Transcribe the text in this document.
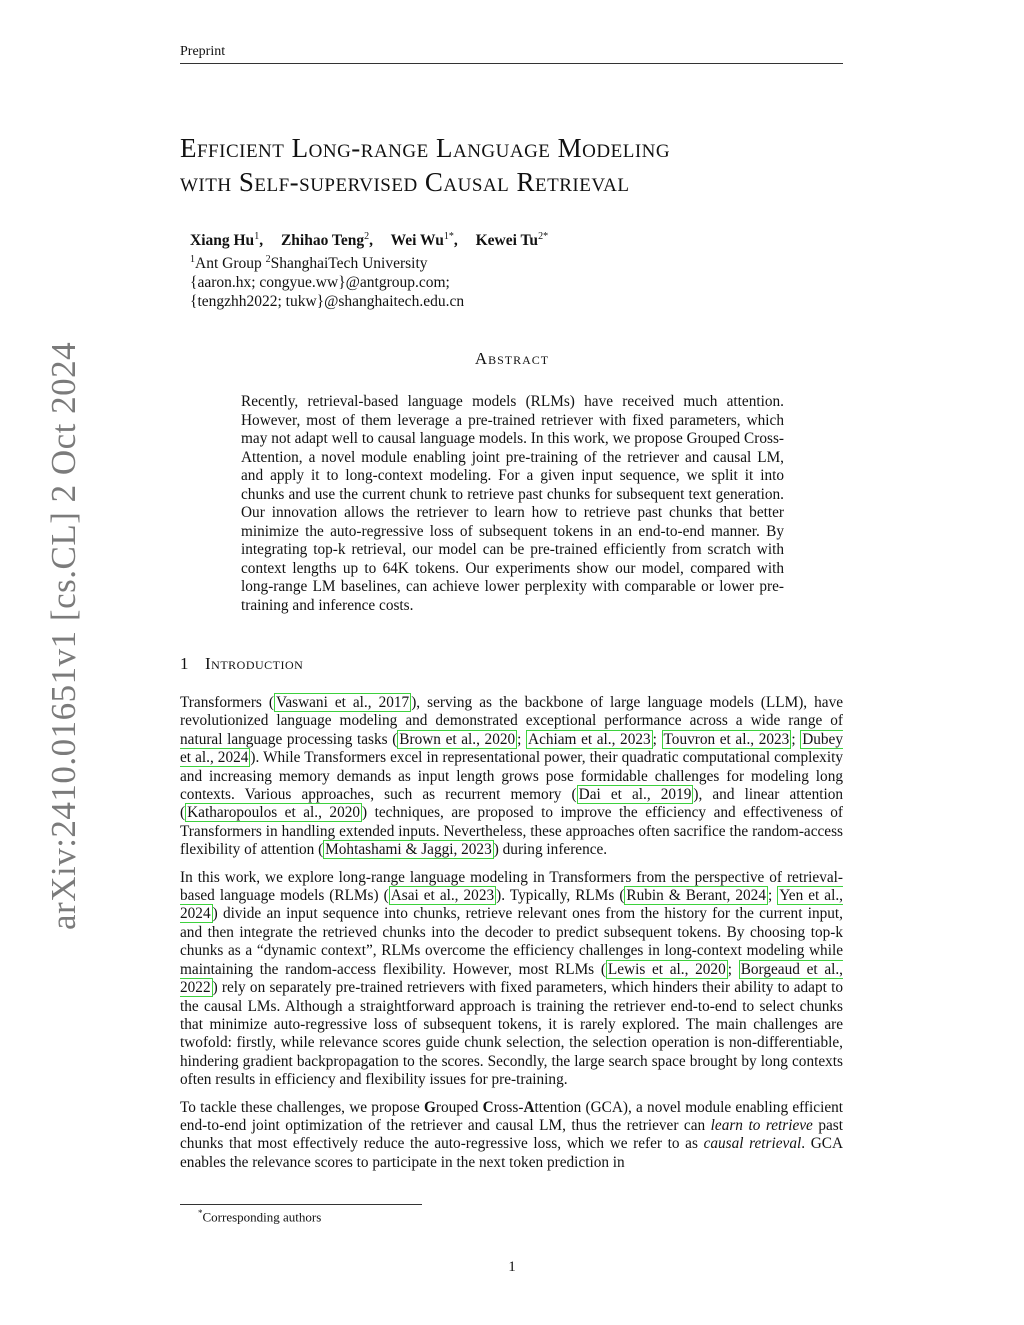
Preprint
arXiv:2410.01651v1 [cs.CL] 2 Oct 2024
Efficient Long-range Language Modeling
with Self-supervised Causal Retrieval
Xiang Hu$^1$, Zhihao Teng$^2$, Wei $Wu^{1*}$, Kewei $Tu^{2*}$
$^1$Ant Group $^2$ShanghaiTech University
{aaron.hx; congyue.ww}@antgroup.com;
{tengzhh2022; tukw}@shanghaitech.edu.cn
Abstract
Recently, retrieval-based language models (RLMs) have received much attention. However, most of them leverage a pre-trained retriever with fixed parameters, which may not adapt well to causal language models. In this work, we propose Grouped Cross-Attention, a novel module enabling joint pre-training of the retriever and causal LM, and apply it to long-context modeling. For a given input sequence, we split it into chunks and use the current chunk to retrieve past chunks for subsequent text generation. Our innovation allows the retriever to learn how to retrieve past chunks that better minimize the auto-regressive loss of subsequent tokens in an end-to-end manner. By integrating top-k retrieval, our model can be pre-trained efficiently from scratch with context lengths up to 64K tokens. Our experiments show our model, compared with long-range LM baselines, can achieve lower perplexity with comparable or lower pre-training and inference costs.
1 Introduction

Transformers ( Vaswani et al., 2017 ), serving as the backbone of large language models (LLM), have revolutionized language modeling and demonstrated exceptional performance across a wide range of natural language processing tasks ( Brown et al., 2020 ; Achiam et al., 2023 ; Touvron et al., 2023 ; Dubey et al., 2024 ). While Transformers excel in representational power, their quadratic computational complexity and increasing memory demands as input length grows pose formidable challenges for modeling long contexts. Various approaches, such as recurrent memory ( Dai et al., 2019 ), and linear attention ( Katharopoulos et al., 2020 ) techniques, are proposed to improve the efficiency and effectiveness of Transformers in handling extended inputs. Nevertheless, these approaches often sacrifice the random-access flexibility of attention ( Mohtashami & Jaggi, 2023 ) during inference.

In this work, we explore long-range language modeling in Transformers from the perspective of retrieval-based language models (RLMs) ( Asai et al., 2023 ). Typically, RLMs ( Rubin & Berant, 2024 ; Yen et al., 2024 ) divide an input sequence into chunks, retrieve relevant ones from the history for the current input, and then integrate the retrieved chunks into the decoder to predict subsequent tokens. By choosing top-k chunks as a “dynamic context”, RLMs overcome the efficiency challenges in long-context modeling while maintaining the random-access flexibility. However, most RLMs ( Lewis et al., 2020 ; Borgeaud et al., 2022 ) rely on separately pre-trained retrievers with fixed parameters, which hinders their ability to adapt to the causal LMs. Although a straightforward approach is training the retriever end-to-end to select chunks that minimize auto-regressive loss of subsequent tokens, it is rarely explored. The main challenges are twofold: firstly, while relevance scores guide chunk selection, the selection operation is non-differentiable, hindering gradient backpropagation to the scores. Secondly, the large search space brought by long contexts often results in efficiency and flexibility issues for pre-training.

To tackle these challenges, we propose Grouped Cross-Attention (GCA), a novel module enabling efficient end-to-end joint optimization of the retriever and causal LM, thus the retriever can learn to retrieve past chunks that most effectively reduce the auto-regressive loss, which we refer to as causal retrieval. GCA enables the relevance scores to participate in the next token prediction in

*Corresponding authors
1
